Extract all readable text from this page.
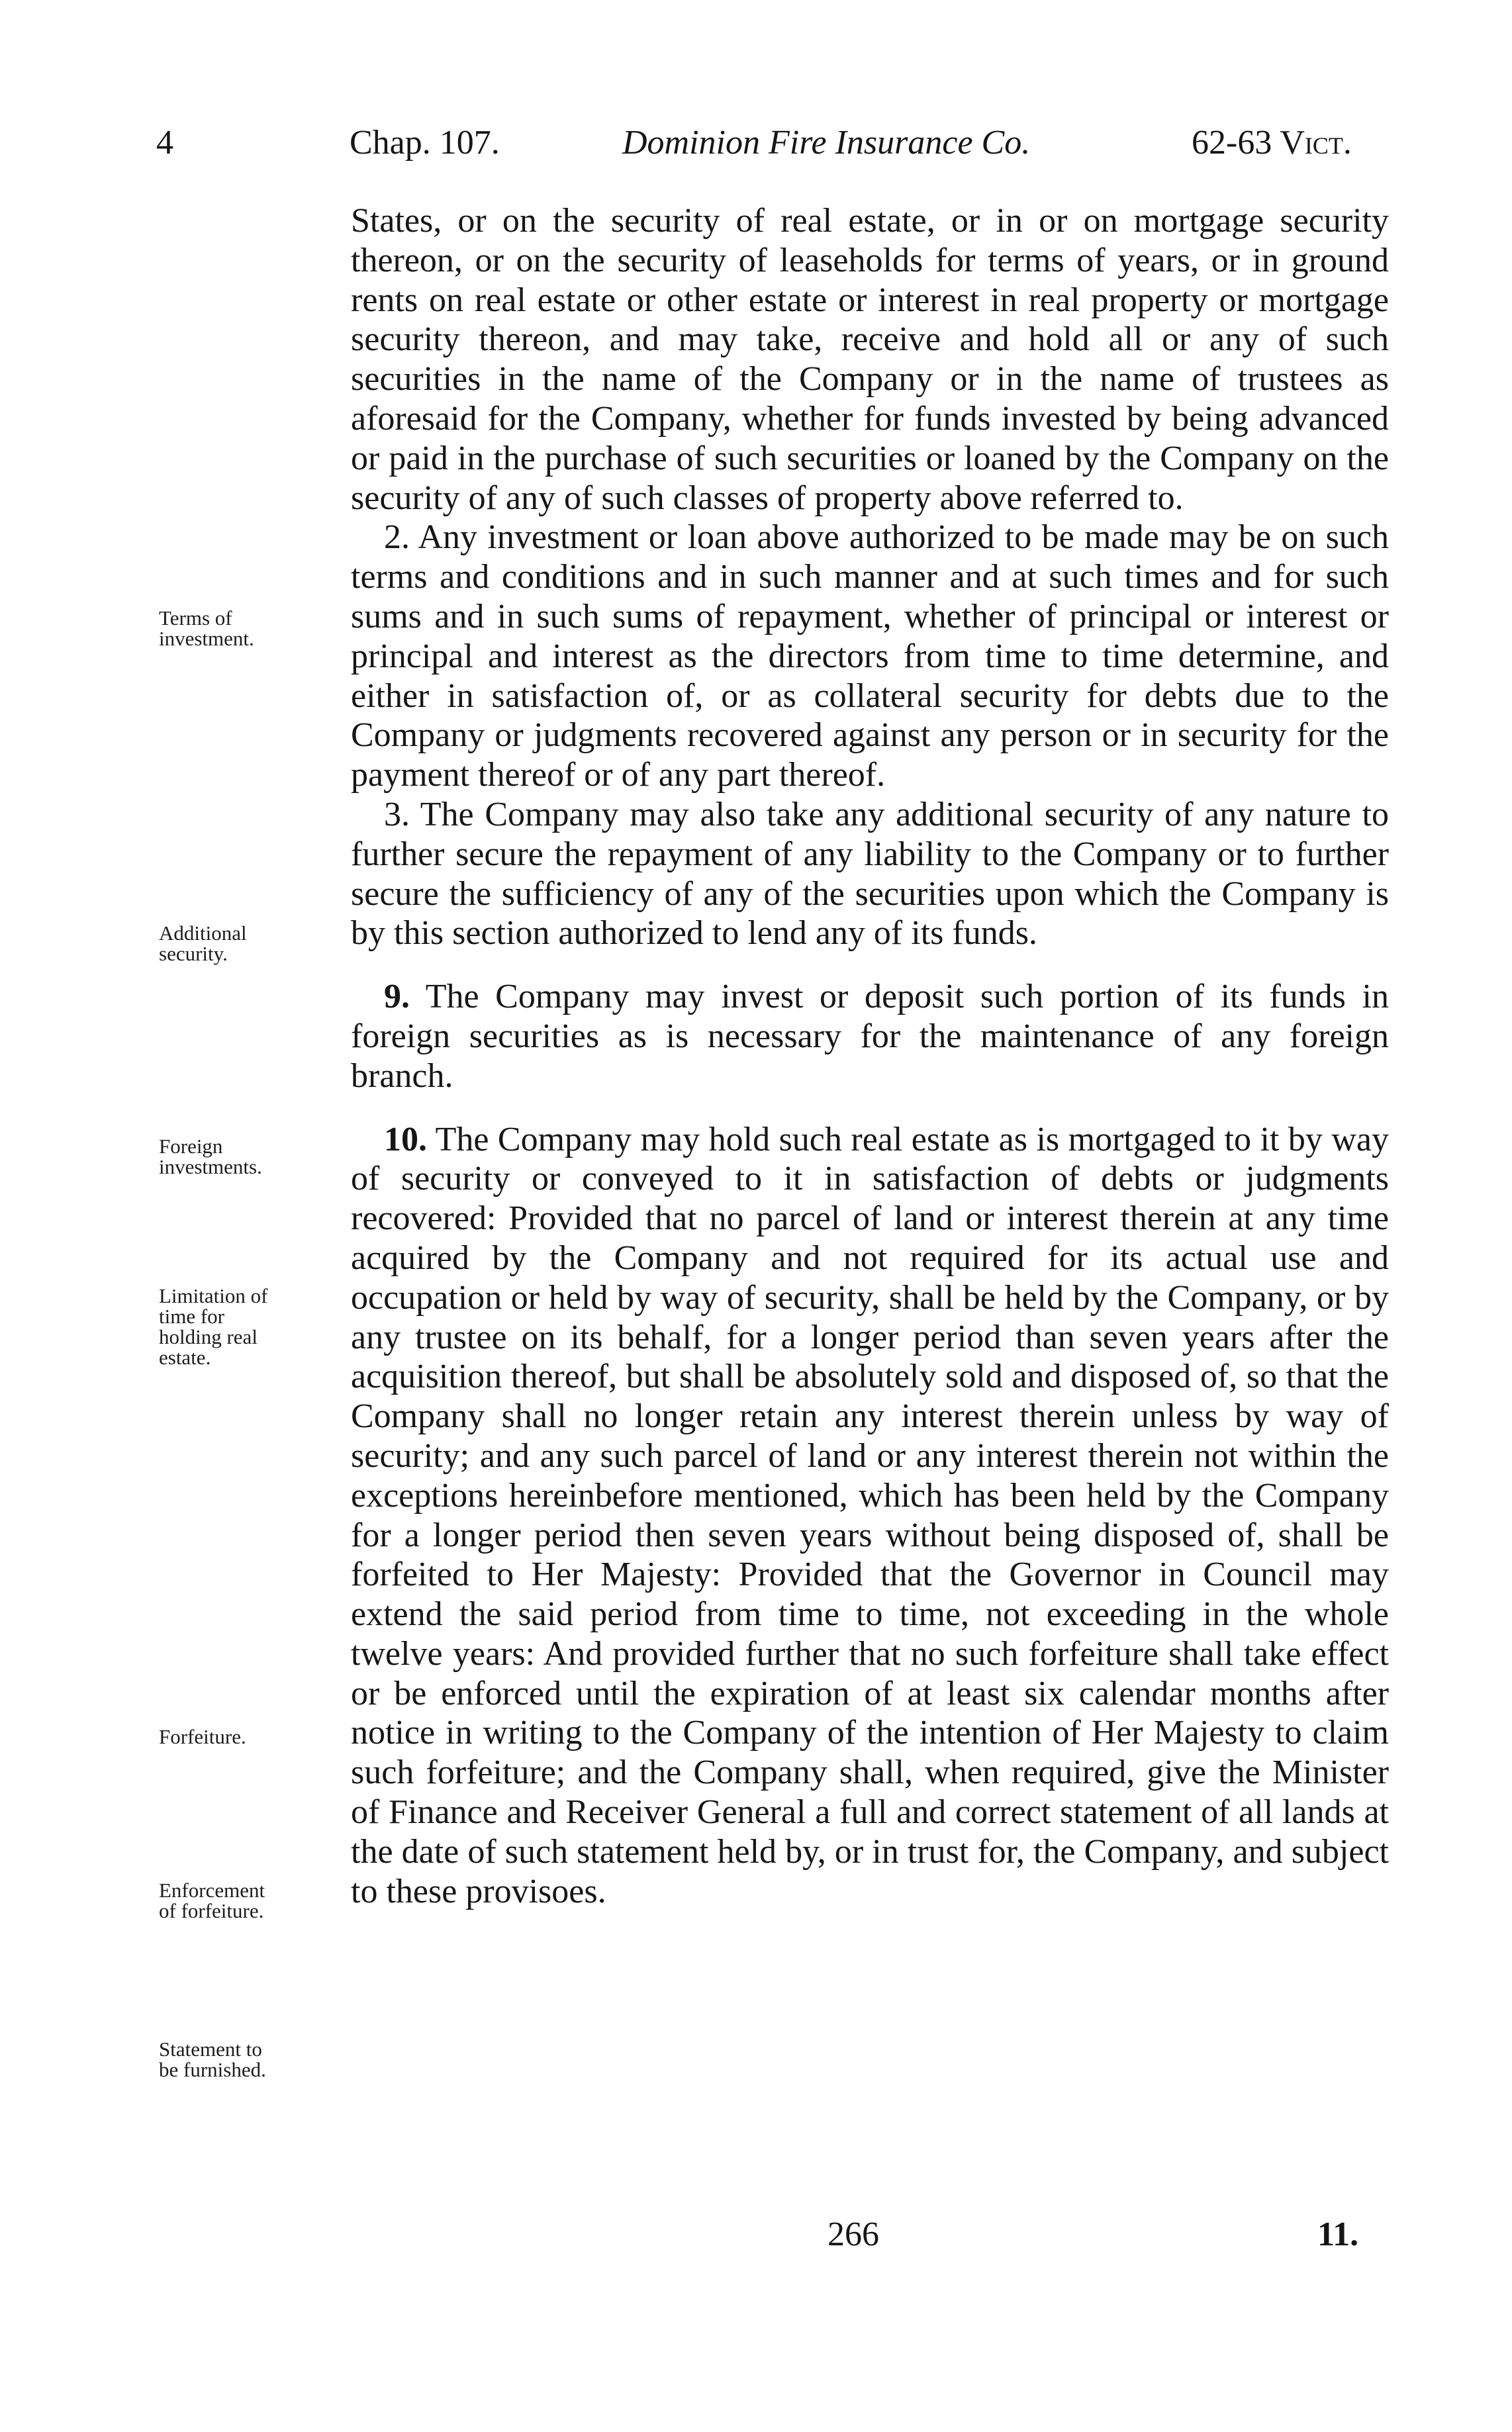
4	Chap. 107.	Dominion Fire Insurance Co.	62-63 Vict.
Terms of
investment.
Additional
security.
Foreign
investments.
Limitation of
time for
holding real
estate.
Forfeiture.
Enforcement
of forfeiture.
Statement to
be furnished.

States, or on the security of real estate, or in or on mortgage security thereon, or on the security of leaseholds for terms of years, or in ground rents on real estate or other estate or interest in real property or mortgage security thereon, and may take, receive and hold all or any of such securities in the name of the Company or in the name of trustees as aforesaid for the Company, whether for funds invested by being advanced or paid in the purchase of such securities or loaned by the Company on the security of any of such classes of property above referred to.

2. Any investment or loan above authorized to be made may be on such terms and conditions and in such manner and at such times and for such sums and in such sums of repayment, whether of principal or interest or principal and interest as the directors from time to time determine, and either in satisfaction of, or as collateral security for debts due to the Company or judgments recovered against any person or in security for the payment thereof or of any part thereof.

3. The Company may also take any additional security of any nature to further secure the repayment of any liability to the Company or to further secure the sufficiency of any of the securities upon which the Company is by this section authorized to lend any of its funds.

9. The Company may invest or deposit such portion of its funds in foreign securities as is necessary for the maintenance of any foreign branch.

10. The Company may hold such real estate as is mortgaged to it by way of security or conveyed to it in satisfaction of debts or judgments recovered: Provided that no parcel of land or interest therein at any time acquired by the Company and not required for its actual use and occupation or held by way of security, shall be held by the Company, or by any trustee on its behalf, for a longer period than seven years after the acquisition thereof, but shall be absolutely sold and disposed of, so that the Company shall no longer retain any interest therein unless by way of security; and any such parcel of land or any interest therein not within the exceptions hereinbefore mentioned, which has been held by the Company for a longer period then seven years without being disposed of, shall be forfeited to Her Majesty: Provided that the Governor in Council may extend the said period from time to time, not exceeding in the whole twelve years: And provided further that no such forfeiture shall take effect or be enforced until the expiration of at least six calendar months after notice in writing to the Company of the intention of Her Majesty to claim such forfeiture; and the Company shall, when required, give the Minister of Finance and Receiver General a full and correct statement of all lands at the date of such statement held by, or in trust for, the Company, and subject to these provisoes.

266	11.
